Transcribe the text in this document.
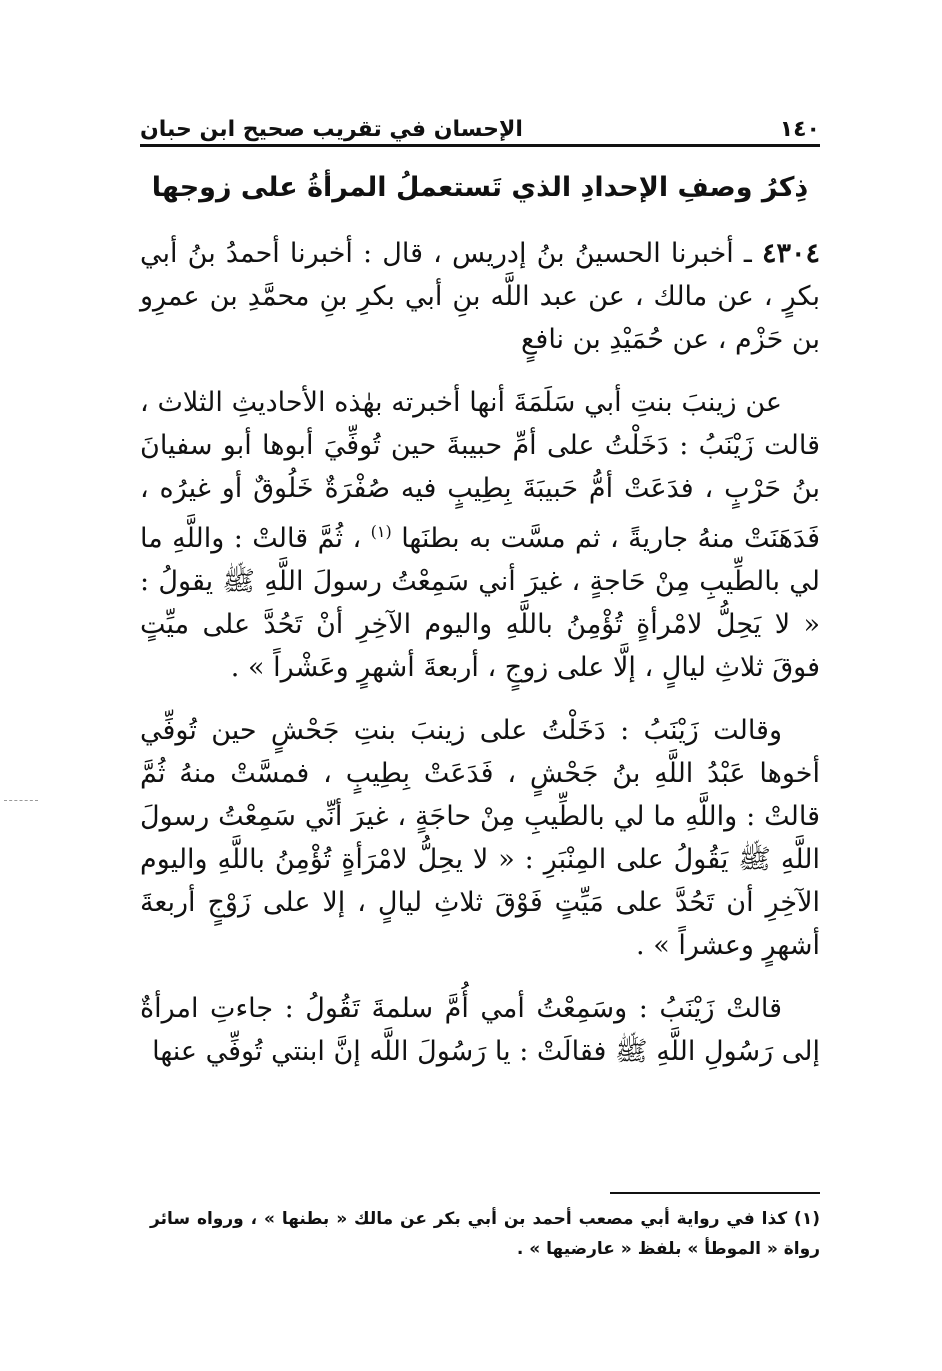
١٤٠
الإحسان في تقريب صحيح ابن حبان
ذِكرُ وصفِ الإحدادِ الذي تَستعملُ المرأةُ على زوجها

٤٣٠٤ ـ أخبرنا الحسينُ بنُ إدريس ، قال : أخبرنا أحمدُ بنُ أبي بكرٍ ، عن مالك ، عن عبد اللَّه بنِ أبي بكرِ بنِ محمَّدِ بن عمرِو بن حَزْم ، عن حُمَيْدِ بن نافعٍ

عن زينبَ بنتِ أبي سَلَمَةَ أنها أخبرته بهٰذه الأحاديثِ الثلاث ، قالت زَيْنَبُ : دَخَلْتُ على أمِّ حبيبةَ حين تُوفِّيَ أبوها أبو سفيانَ بنُ حَرْبٍ ، فدَعَتْ أمُّ حَبيبَةَ بِطِيبٍ فيه صُفْرَةٌ خَلُوقٌ أو غيرُه ، فَدَهَنَتْ منهُ جاريةً ، ثم مسَّت به بطنَها $^{(١)}$ ، ثُمَّ قالتْ : واللَّهِ ما لي بالطِّيبِ مِنْ حَاجةٍ ، غيرَ أني سَمِعْتُ رسولَ اللَّهِ ﷺ يقولُ : « لا يَحِلُّ لامْرأةٍ تُؤْمِنُ باللَّهِ واليوم الآخِرِ أنْ تَحُدَّ على ميِّتٍ فوقَ ثلاثِ ليالٍ ، إلَّا على زوجٍ ، أربعةَ أشهرٍ وعَشْراً » .

وقالت زَيْنَبُ : دَخَلْتُ على زينبَ بنتِ جَحْشٍ حين تُوفِّي أخوها عَبْدُ اللَّهِ بنُ جَحْشٍ ، فَدَعَتْ بِطِيبٍ ، فمسَّتْ منهُ ثُمَّ قالتْ : واللَّهِ ما لي بالطِّيبِ مِنْ حاجَةٍ ، غيرَ أنِّي سَمِعْتُ رسولَ اللَّهِ ﷺ يَقُولُ على المِنْبَرِ : « لا يحِلُّ لامْرَأةٍ تُؤْمِنُ باللَّهِ واليوم الآخِرِ أن تَحُدَّ على مَيِّتٍ فَوْقَ ثلاثِ ليالٍ ، إلا على زَوْجٍ أربعةَ أشهرٍ وعشراً » .

قالتْ زَيْنَبُ : وسَمِعْتُ أمي أُمَّ سلمةَ تَقُولُ : جاءتِ امرأةٌ إلى رَسُولِ اللَّهِ ﷺ فقالَتْ : يا رَسُولَ اللَّه إنَّ ابنتي تُوفِّي عنها

(١) كذا في رواية أبي مصعب أحمد بن أبي بكر عن مالك « بطنها » ، ورواه سائر رواة « الموطأ » بلفظ « عارضيها » .
